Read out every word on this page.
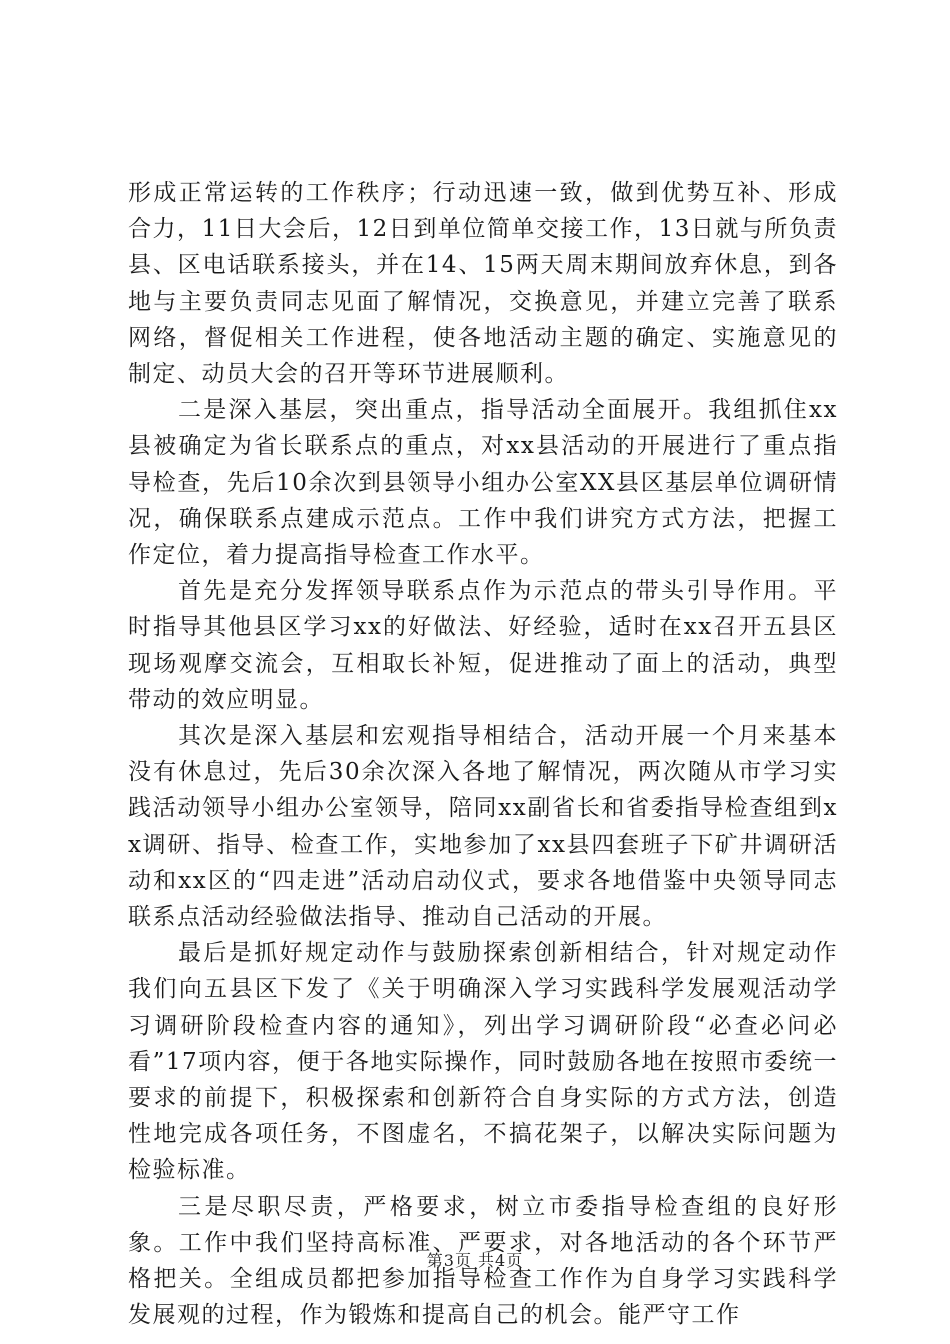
形成正常运转的工作秩序；行动迅速一致，做到优势互补、形成合力，11日大会后，12日到单位简单交接工作，13日就与所负责县、区电话联系接头，并在14、15两天周末期间放弃休息，到各地与主要负责同志见面了解情况，交换意见，并建立完善了联系网络，督促相关工作进程，使各地活动主题的确定、实施意见的制定、动员大会的召开等环节进展顺利。

二是深入基层，突出重点，指导活动全面展开。我组抓住xx县被确定为省长联系点的重点，对xx县活动的开展进行了重点指导检查，先后10余次到县领导小组办公室XX县区基层单位调研情况，确保联系点建成示范点。工作中我们讲究方式方法，把握工作定位，着力提高指导检查工作水平。

首先是充分发挥领导联系点作为示范点的带头引导作用。平时指导其他县区学习xx的好做法、好经验，适时在xx召开五县区现场观摩交流会，互相取长补短，促进推动了面上的活动，典型带动的效应明显。

其次是深入基层和宏观指导相结合，活动开展一个月来基本没有休息过，先后30余次深入各地了解情况，两次随从市学习实践活动领导小组办公室领导，陪同xx副省长和省委指导检查组到xx调研、指导、检查工作，实地参加了xx县四套班子下矿井调研活动和xx区的“四走进”活动启动仪式，要求各地借鉴中央领导同志联系点活动经验做法指导、推动自己活动的开展。

最后是抓好规定动作与鼓励探索创新相结合，针对规定动作我们向五县区下发了《关于明确深入学习实践科学发展观活动学习调研阶段检查内容的通知》，列出学习调研阶段“必查必问必看”17项内容，便于各地实际操作，同时鼓励各地在按照市委统一要求的前提下，积极探索和创新符合自身实际的方式方法，创造性地完成各项任务，不图虚名，不搞花架子，以解决实际问题为检验标准。

三是尽职尽责，严格要求，树立市委指导检查组的良好形象。工作中我们坚持高标准、严要求，对各地活动的各个环节严格把关。全组成员都把参加指导检查工作作为自身学习实践科学发展观的过程，作为锻炼和提高自己的机会。能严守工作

第3页 共4页
